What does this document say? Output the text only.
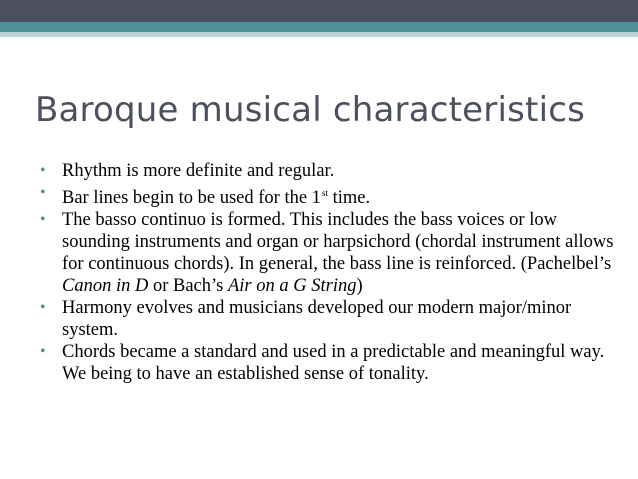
Baroque musical characteristics
• Rhythm is more definite and regular.
• Bar lines begin to be used for the 1st time.
• The basso continuo is formed. This includes the bass voices or low sounding instruments and organ or harpsichord (chordal instrument allows for continuous chords). In general, the bass line is reinforced. (Pachelbel’s Canon in D or Bach’s Air on a G String)
• Harmony evolves and musicians developed our modern major/minor system.
• Chords became a standard and used in a predictable and meaningful way. We being to have an established sense of tonality.
